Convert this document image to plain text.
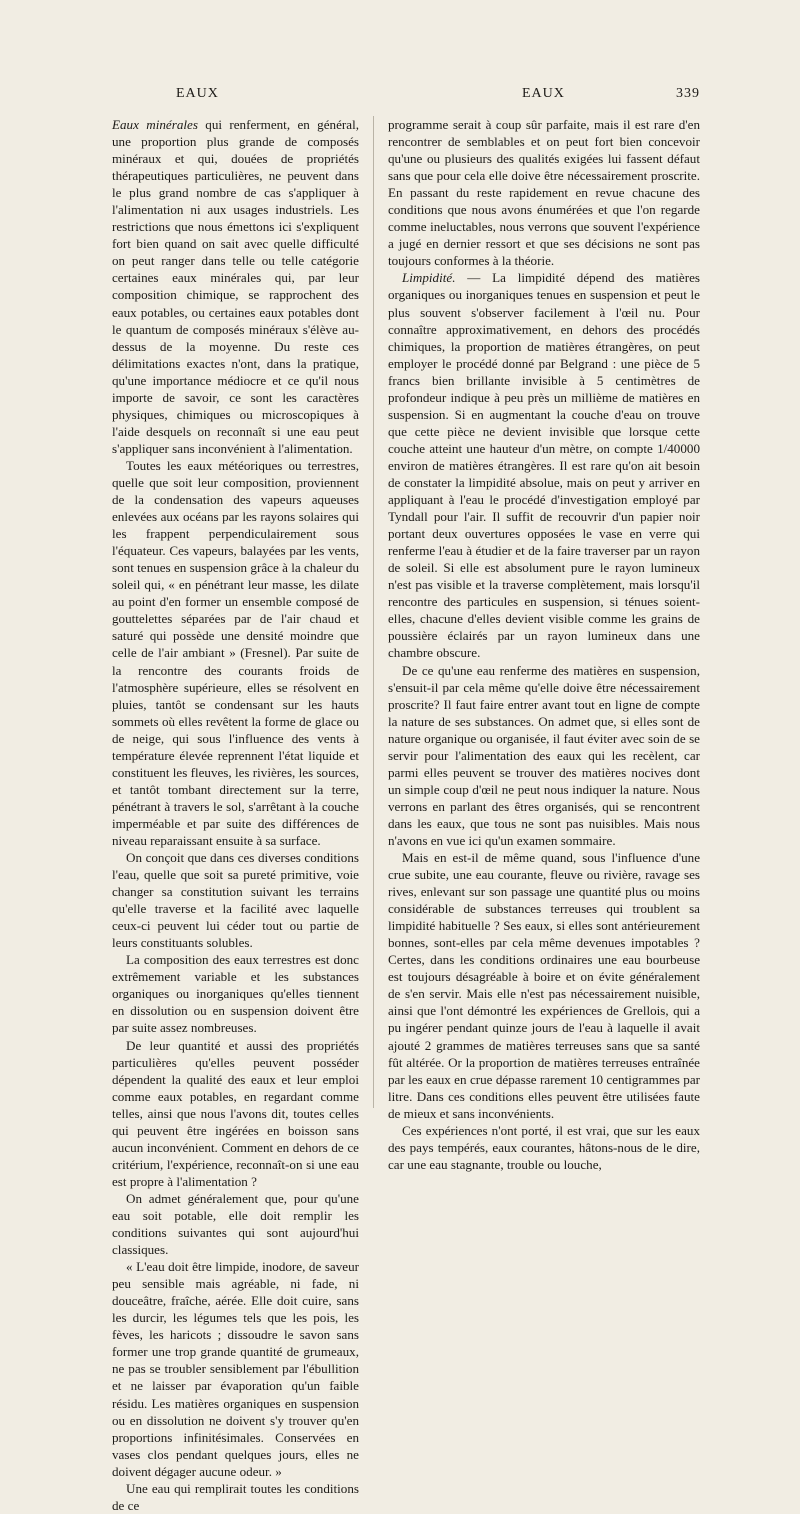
EAUX	EAUX	339

Eaux minérales qui renferment, en général, une proportion plus grande de composés minéraux et qui, douées de propriétés thérapeutiques particulières, ne peuvent dans le plus grand nombre de cas s'appliquer à l'alimentation ni aux usages industriels. Les restrictions que nous émettons ici s'expliquent fort bien quand on sait avec quelle difficulté on peut ranger dans telle ou telle catégorie certaines eaux minérales qui, par leur composition chimique, se rapprochent des eaux potables, ou certaines eaux potables dont le quantum de composés minéraux s'élève au-dessus de la moyenne. Du reste ces délimitations exactes n'ont, dans la pratique, qu'une importance médiocre et ce qu'il nous importe de savoir, ce sont les caractères physiques, chimiques ou microscopiques à l'aide desquels on reconnaît si une eau peut s'appliquer sans inconvénient à l'alimentation.

Toutes les eaux météoriques ou terrestres, quelle que soit leur composition, proviennent de la condensation des vapeurs aqueuses enlevées aux océans par les rayons solaires qui les frappent perpendiculairement sous l'équateur. Ces vapeurs, balayées par les vents, sont tenues en suspension grâce à la chaleur du soleil qui, « en pénétrant leur masse, les dilate au point d'en former un ensemble composé de gouttelettes séparées par de l'air chaud et saturé qui possède une densité moindre que celle de l'air ambiant » (Fresnel). Par suite de la rencontre des courants froids de l'atmosphère supérieure, elles se résolvent en pluies, tantôt se condensant sur les hauts sommets où elles revêtent la forme de glace ou de neige, qui sous l'influence des vents à température élevée reprennent l'état liquide et constituent les fleuves, les rivières, les sources, et tantôt tombant directement sur la terre, pénétrant à travers le sol, s'arrêtant à la couche imperméable et par suite des différences de niveau reparaissant ensuite à sa surface.

On conçoit que dans ces diverses conditions l'eau, quelle que soit sa pureté primitive, voie changer sa constitution suivant les terrains qu'elle traverse et la facilité avec laquelle ceux-ci peuvent lui céder tout ou partie de leurs constituants solubles.

La composition des eaux terrestres est donc extrêmement variable et les substances organiques ou inorganiques qu'elles tiennent en dissolution ou en suspension doivent être par suite assez nombreuses.

De leur quantité et aussi des propriétés particulières qu'elles peuvent posséder dépendent la qualité des eaux et leur emploi comme eaux potables, en regardant comme telles, ainsi que nous l'avons dit, toutes celles qui peuvent être ingérées en boisson sans aucun inconvénient. Comment en dehors de ce critérium, l'expérience, reconnaît-on si une eau est propre à l'alimentation ?

On admet généralement que, pour qu'une eau soit potable, elle doit remplir les conditions suivantes qui sont aujourd'hui classiques.

« L'eau doit être limpide, inodore, de saveur peu sensible mais agréable, ni fade, ni douceâtre, fraîche, aérée. Elle doit cuire, sans les durcir, les légumes tels que les pois, les fèves, les haricots ; dissoudre le savon sans former une trop grande quantité de grumeaux, ne pas se troubler sensiblement par l'ébullition et ne laisser par évaporation qu'un faible résidu. Les matières organiques en suspension ou en dissolution ne doivent s'y trouver qu'en proportions infinitésimales. Conservées en vases clos pendant quelques jours, elles ne doivent dégager aucune odeur. »

Une eau qui remplirait toutes les conditions de ce

programme serait à coup sûr parfaite, mais il est rare d'en rencontrer de semblables et on peut fort bien concevoir qu'une ou plusieurs des qualités exigées lui fassent défaut sans que pour cela elle doive être nécessairement proscrite. En passant du reste rapidement en revue chacune des conditions que nous avons énumérées et que l'on regarde comme ineluctables, nous verrons que souvent l'expérience a jugé en dernier ressort et que ses décisions ne sont pas toujours conformes à la théorie.

Limpidité. — La limpidité dépend des matières organiques ou inorganiques tenues en suspension et peut le plus souvent s'observer facilement à l'œil nu. Pour connaître approximativement, en dehors des procédés chimiques, la proportion de matières étrangères, on peut employer le procédé donné par Belgrand : une pièce de 5 francs bien brillante invisible à 5 centimètres de profondeur indique à peu près un millième de matières en suspension. Si en augmentant la couche d'eau on trouve que cette pièce ne devient invisible que lorsque cette couche atteint une hauteur d'un mètre, on compte 1/40000 environ de matières étrangères. Il est rare qu'on ait besoin de constater la limpidité absolue, mais on peut y arriver en appliquant à l'eau le procédé d'investigation employé par Tyndall pour l'air. Il suffit de recouvrir d'un papier noir portant deux ouvertures opposées le vase en verre qui renferme l'eau à étudier et de la faire traverser par un rayon de soleil. Si elle est absolument pure le rayon lumineux n'est pas visible et la traverse complètement, mais lorsqu'il rencontre des particules en suspension, si ténues soient-elles, chacune d'elles devient visible comme les grains de poussière éclairés par un rayon lumineux dans une chambre obscure.

De ce qu'une eau renferme des matières en suspension, s'ensuit-il par cela même qu'elle doive être nécessairement proscrite? Il faut faire entrer avant tout en ligne de compte la nature de ses substances. On admet que, si elles sont de nature organique ou organisée, il faut éviter avec soin de se servir pour l'alimentation des eaux qui les recèlent, car parmi elles peuvent se trouver des matières nocives dont un simple coup d'œil ne peut nous indiquer la nature. Nous verrons en parlant des êtres organisés, qui se rencontrent dans les eaux, que tous ne sont pas nuisibles. Mais nous n'avons en vue ici qu'un examen sommaire.

Mais en est-il de même quand, sous l'influence d'une crue subite, une eau courante, fleuve ou rivière, ravage ses rives, enlevant sur son passage une quantité plus ou moins considérable de substances terreuses qui troublent sa limpidité habituelle ? Ses eaux, si elles sont antérieurement bonnes, sont-elles par cela même devenues impotables ? Certes, dans les conditions ordinaires une eau bourbeuse est toujours désagréable à boire et on évite généralement de s'en servir. Mais elle n'est pas nécessairement nuisible, ainsi que l'ont démontré les expériences de Grellois, qui a pu ingérer pendant quinze jours de l'eau à laquelle il avait ajouté 2 grammes de matières terreuses sans que sa santé fût altérée. Or la proportion de matières terreuses entraînée par les eaux en crue dépasse rarement 10 centigrammes par litre. Dans ces conditions elles peuvent être utilisées faute de mieux et sans inconvénients.

Ces expériences n'ont porté, il est vrai, que sur les eaux des pays tempérés, eaux courantes, hâtons-nous de le dire, car une eau stagnante, trouble ou louche,
